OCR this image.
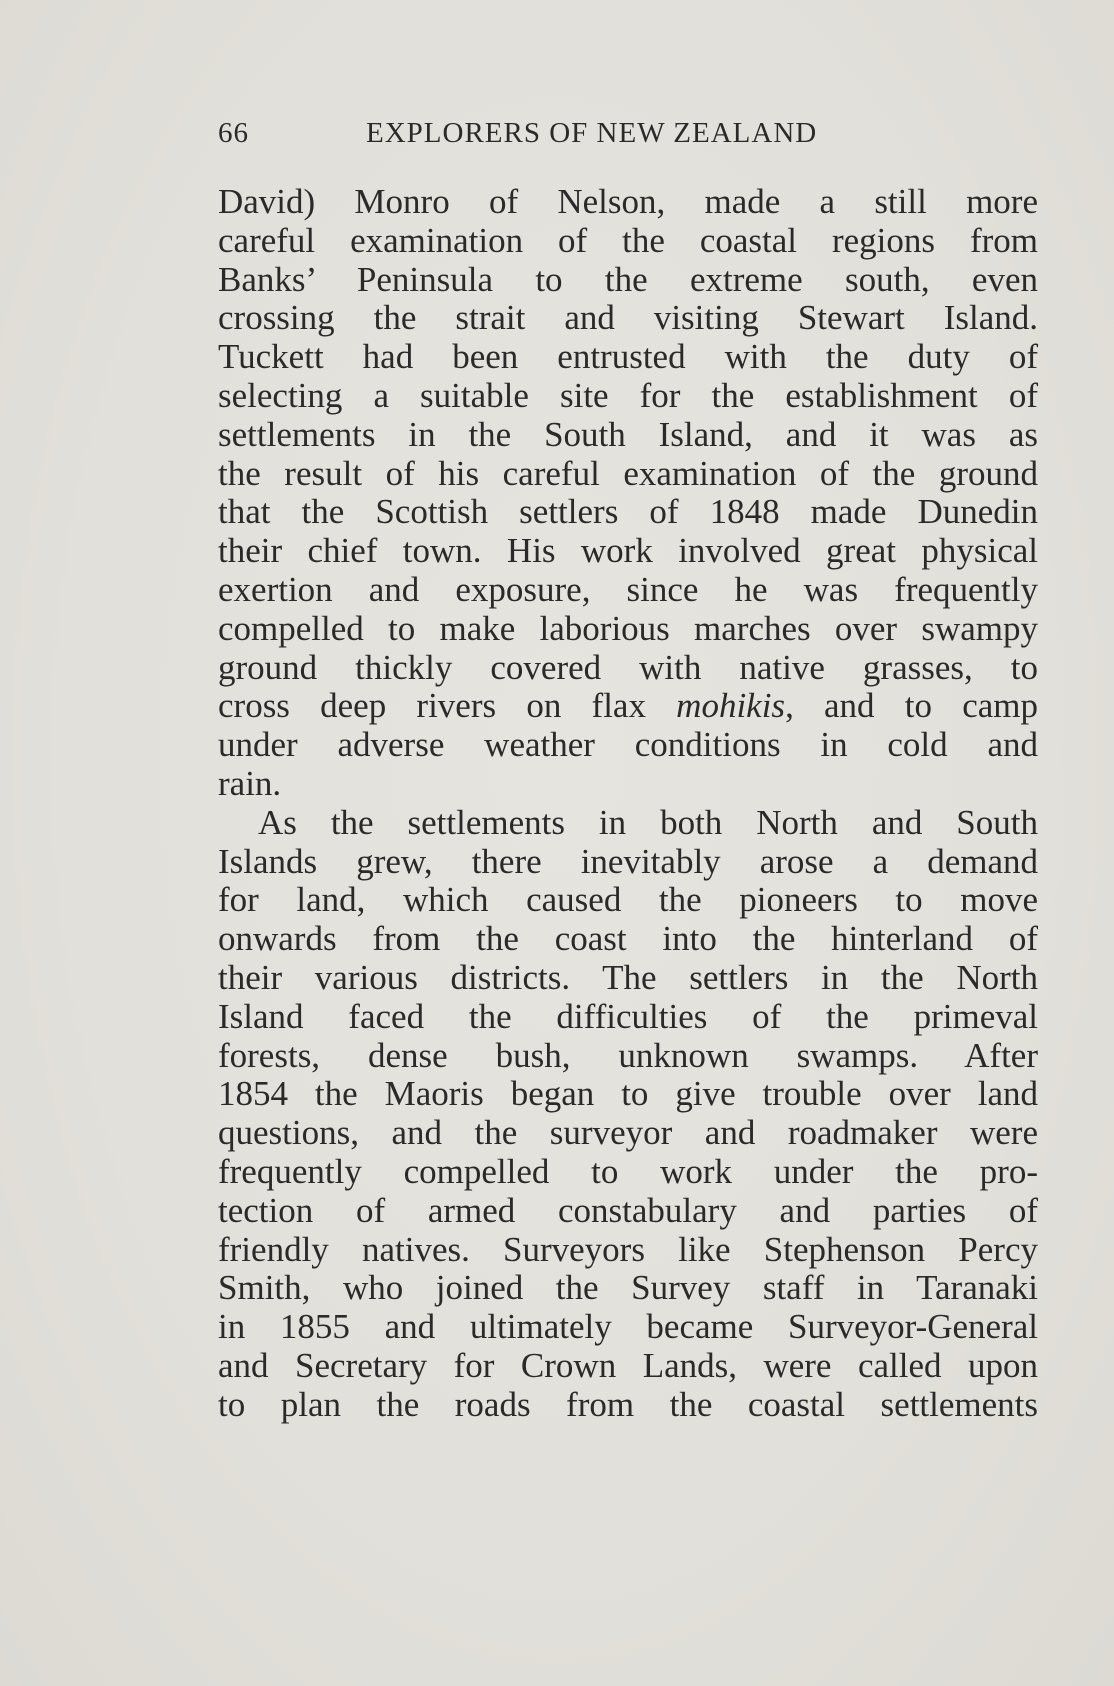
66	EXPLORERS OF NEW ZEALAND
David) Monro of Nelson, made a still more
careful examination of the coastal regions from
Banks’ Peninsula to the extreme south, even
crossing the strait and visiting Stewart Island.
Tuckett had been entrusted with the duty of
selecting a suitable site for the establishment of
settlements in the South Island, and it was as
the result of his careful examination of the ground
that the Scottish settlers of 1848 made Dunedin
their chief town. His work involved great physical
exertion and exposure, since he was frequently
compelled to make laborious marches over swampy
ground thickly covered with native grasses, to
cross deep rivers on flax mohikis, and to camp
under adverse weather conditions in cold and
rain.
As the settlements in both North and South
Islands grew, there inevitably arose a demand
for land, which caused the pioneers to move
onwards from the coast into the hinterland of
their various districts. The settlers in the North
Island faced the difficulties of the primeval
forests, dense bush, unknown swamps. After
1854 the Maoris began to give trouble over land
questions, and the surveyor and roadmaker were
frequently compelled to work under the pro-
tection of armed constabulary and parties of
friendly natives. Surveyors like Stephenson Percy
Smith, who joined the Survey staff in Taranaki
in 1855 and ultimately became Surveyor-General
and Secretary for Crown Lands, were called upon
to plan the roads from the coastal settlements
